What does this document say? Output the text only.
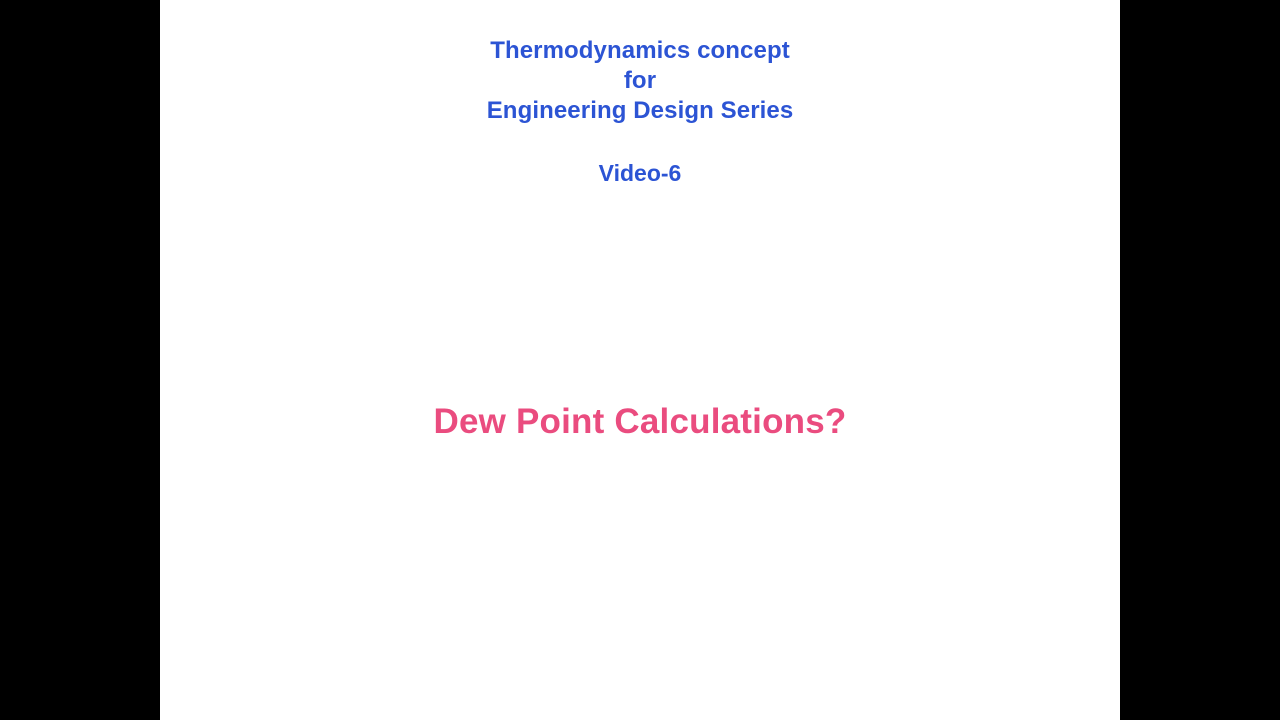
Thermodynamics concept
for
Engineering Design Series
Video-6
Dew Point Calculations?
